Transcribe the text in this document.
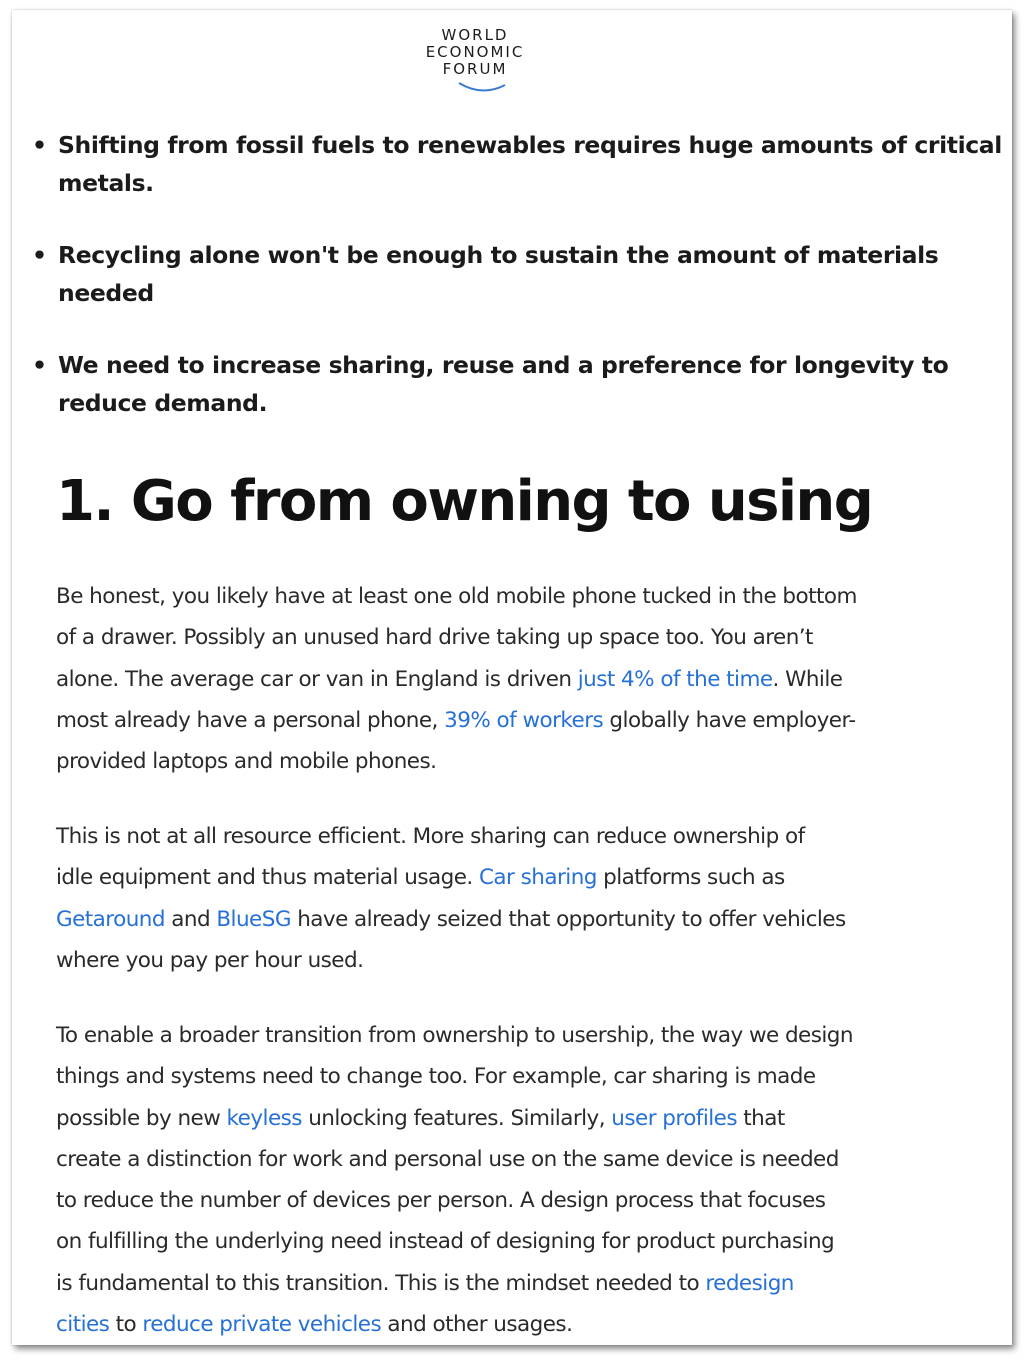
WORLD
ECONOMIC
FORUM
• Shifting from fossil fuels to renewables requires huge amounts of critical
metals.
• Recycling alone won't be enough to sustain the amount of materials
needed
• We need to increase sharing, reuse and a preference for longevity to
reduce demand.
1. Go from owning to using

Be honest, you likely have at least one old mobile phone tucked in the bottom
of a drawer. Possibly an unused hard drive taking up space too. You aren’t
alone. The average car or van in England is driven just 4% of the time. While
most already have a personal phone, 39% of workers globally have employer-
provided laptops and mobile phones.

This is not at all resource efficient. More sharing can reduce ownership of
idle equipment and thus material usage. Car sharing platforms such as
Getaround and BlueSG have already seized that opportunity to offer vehicles
where you pay per hour used.

To enable a broader transition from ownership to usership, the way we design
things and systems need to change too. For example, car sharing is made
possible by new keyless unlocking features. Similarly, user profiles that
create a distinction for work and personal use on the same device is needed
to reduce the number of devices per person. A design process that focuses
on fulfilling the underlying need instead of designing for product purchasing
is fundamental to this transition. This is the mindset needed to redesign
cities to reduce private vehicles and other usages.
